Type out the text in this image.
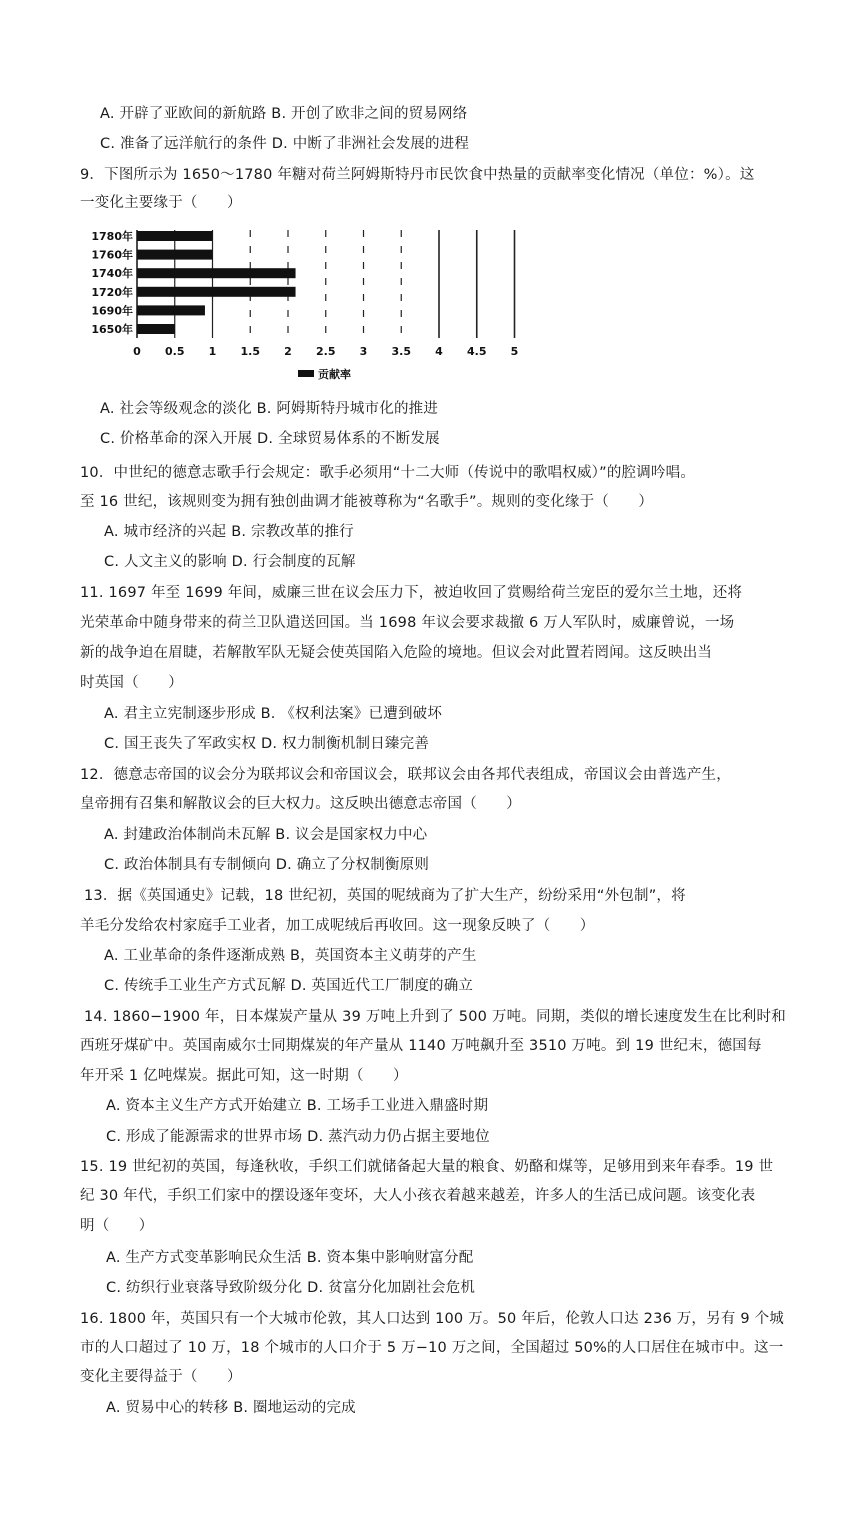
A. 开辟了亚欧间的新航路 B. 开创了欧非之间的贸易网络
C. 准备了远洋航行的条件 D. 中断了非洲社会发展的进程
9．下图所示为 1650～1780 年糖对荷兰阿姆斯特丹市民饮食中热量的贡献率变化情况（单位：%）。这
一变化主要缘于（　　）
1780年
1760年
1740年
1720年
1690年
1650年
0 0.5 1 1.5 2 2.5 3 3.5 4 4.5 5
贡献率
A. 社会等级观念的淡化 B. 阿姆斯特丹城市化的推进
C. 价格革命的深入开展 D. 全球贸易体系的不断发展
10．中世纪的德意志歌手行会规定：歌手必须用“十二大师（传说中的歌唱权威）”的腔调吟唱。
至 16 世纪，该规则变为拥有独创曲调才能被尊称为“名歌手”。规则的变化缘于（　　）
A. 城市经济的兴起 B. 宗教改革的推行
C. 人文主义的影响 D. 行会制度的瓦解
11. 1697 年至 1699 年间，威廉三世在议会压力下，被迫收回了赏赐给荷兰宠臣的爱尔兰土地，还将
光荣革命中随身带来的荷兰卫队遣送回国。当 1698 年议会要求裁撤 6 万人军队时，威廉曾说，一场
新的战争迫在眉睫，若解散军队无疑会使英国陷入危险的境地。但议会对此置若罔闻。这反映出当
时英国（　　）
A. 君主立宪制逐步形成 B. 《权利法案》已遭到破坏
C. 国王丧失了军政实权 D. 权力制衡机制日臻完善
12．德意志帝国的议会分为联邦议会和帝国议会，联邦议会由各邦代表组成，帝国议会由普选产生，
皇帝拥有召集和解散议会的巨大权力。这反映出德意志帝国（　　）
A. 封建政治体制尚未瓦解 B. 议会是国家权力中心
C. 政治体制具有专制倾向 D. 确立了分权制衡原则
13．据《英国通史》记载，18 世纪初，英国的呢绒商为了扩大生产，纷纷采用“外包制”，将
羊毛分发给农村家庭手工业者，加工成呢绒后再收回。这一现象反映了（　　）
A. 工业革命的条件逐渐成熟 B，英国资本主义萌芽的产生
C. 传统手工业生产方式瓦解 D. 英国近代工厂制度的确立
14. 1860−1900 年，日本煤炭产量从 39 万吨上升到了 500 万吨。同期，类似的增长速度发生在比利时和
西班牙煤矿中。英国南威尔士同期煤炭的年产量从 1140 万吨飙升至 3510 万吨。到 19 世纪末，德国每
年开采 1 亿吨煤炭。据此可知，这一时期（　　）
A. 资本主义生产方式开始建立 B. 工场手工业进入鼎盛时期
C. 形成了能源需求的世界市场 D. 蒸汽动力仍占据主要地位
15. 19 世纪初的英国，每逢秋收，手织工们就储备起大量的粮食、奶酪和煤等，足够用到来年春季。19 世
纪 30 年代，手织工们家中的摆设逐年变坏，大人小孩衣着越来越差，许多人的生活已成问题。该变化表
明（　　）
A. 生产方式变革影响民众生活 B. 资本集中影响财富分配
C. 纺织行业衰落导致阶级分化 D. 贫富分化加剧社会危机
16. 1800 年，英国只有一个大城市伦敦，其人口达到 100 万。50 年后，伦敦人口达 236 万，另有 9 个城
市的人口超过了 10 万，18 个城市的人口介于 5 万−10 万之间，全国超过 50%的人口居住在城市中。这一
变化主要得益于（　　）
A. 贸易中心的转移 B. 圈地运动的完成
